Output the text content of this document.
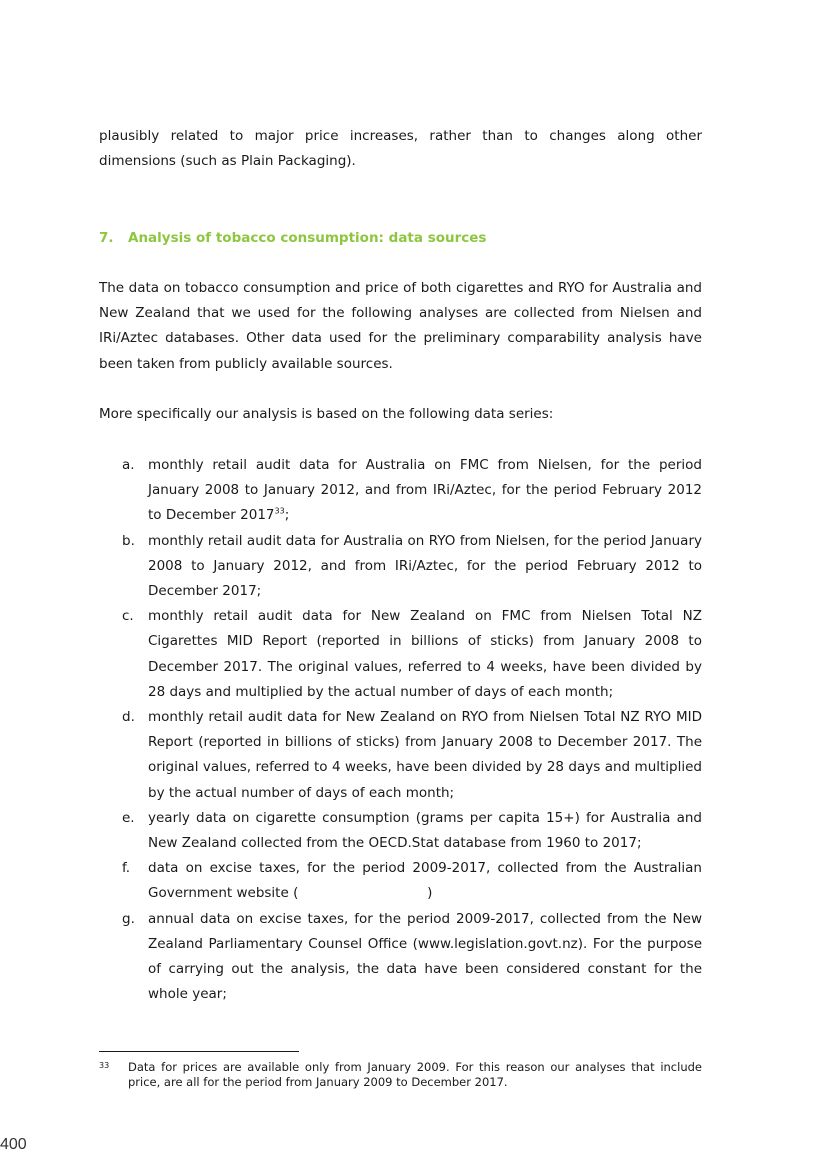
plausibly related to major price increases, rather than to changes along other dimensions (such as Plain Packaging).

7. Analysis of tobacco consumption: data sources

The data on tobacco consumption and price of both cigarettes and RYO for Australia and New Zealand that we used for the following analyses are collected from Nielsen and IRi/Aztec databases. Other data used for the preliminary comparability analysis have been taken from publicly available sources.

More specifically our analysis is based on the following data series:

a. monthly retail audit data for Australia on FMC from Nielsen, for the period January 2008 to January 2012, and from IRi/Aztec, for the period February 2012 to December 2017$^{33}$;
b. monthly retail audit data for Australia on RYO from Nielsen, for the period January 2008 to January 2012, and from IRi/Aztec, for the period February 2012 to December 2017;
c. monthly retail audit data for New Zealand on FMC from Nielsen Total NZ Cigarettes MID Report (reported in billions of sticks) from January 2008 to December 2017. The original values, referred to 4 weeks, have been divided by 28 days and multiplied by the actual number of days of each month;
d. monthly retail audit data for New Zealand on RYO from Nielsen Total NZ RYO MID Report (reported in billions of sticks) from January 2008 to December 2017. The original values, referred to 4 weeks, have been divided by 28 days and multiplied by the actual number of days of each month;
e. yearly data on cigarette consumption (grams per capita 15+) for Australia and New Zealand collected from the OECD.Stat database from 1960 to 2017;
f. data on excise taxes, for the period 2009-2017, collected from the Australian Government website (                              )
g. annual data on excise taxes, for the period 2009-2017, collected from the New Zealand Parliamentary Counsel Office (www.legislation.govt.nz). For the purpose of carrying out the analysis, the data have been considered constant for the whole year;
33	Data for prices are available only from January 2009. For this reason our analyses that include price, are all for the period from January 2009 to December 2017.
400
